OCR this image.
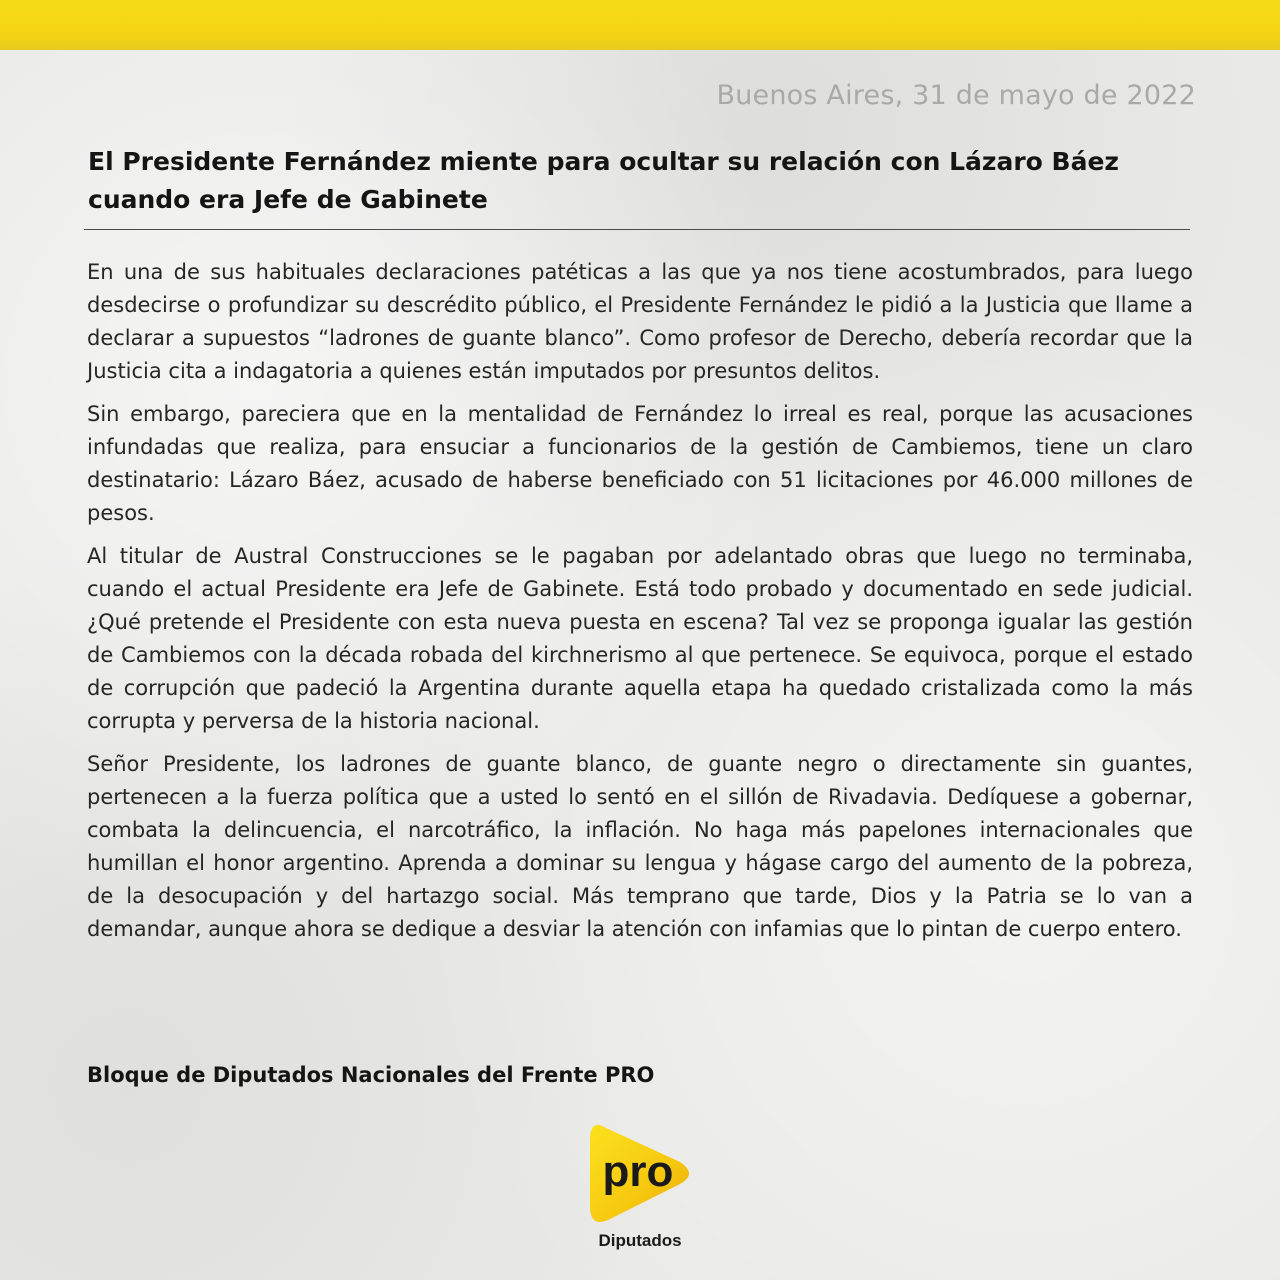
Buenos Aires, 31 de mayo de 2022
El Presidente Fernández miente para ocultar su relación con Lázaro Báez
cuando era Jefe de Gabinete

En una de sus habituales declaraciones patéticas a las que ya nos tiene acostumbrados, para luego desdecirse o profundizar su descrédito público, el Presidente Fernández le pidió a la Justicia que llame a declarar a supuestos “ladrones de guante blanco”. Como profesor de Derecho, debería recordar que la Justicia cita a indagatoria a quienes están imputados por presuntos delitos.

Sin embargo, pareciera que en la mentalidad de Fernández lo irreal es real, porque las acusaciones infundadas que realiza, para ensuciar a funcionarios de la gestión de Cambiemos, tiene un claro destinatario: Lázaro Báez, acusado de haberse beneficiado con 51 licitaciones por 46.000 millones de pesos.

Al titular de Austral Construcciones se le pagaban por adelantado obras que luego no terminaba, cuando el actual Presidente era Jefe de Gabinete. Está todo probado y documentado en sede judicial. ¿Qué pretende el Presidente con esta nueva puesta en escena? Tal vez se proponga igualar las gestión de Cambiemos con la década robada del kirchnerismo al que pertenece. Se equivoca, porque el estado de corrupción que padeció la Argentina durante aquella etapa ha quedado cristalizada como la más corrupta y perversa de la historia nacional.

Señor Presidente, los ladrones de guante blanco, de guante negro o directamente sin guantes, pertenecen a la fuerza política que a usted lo sentó en el sillón de Rivadavia. Dedíquese a gobernar, combata la delincuencia, el narcotráfico, la inflación. No haga más papelones internacionales que humillan el honor argentino. Aprenda a dominar su lengua y hágase cargo del aumento de la pobreza, de la desocupación y del hartazgo social. Más temprano que tarde, Dios y la Patria se lo van a demandar, aunque ahora se dedique a desviar la atención con infamias que lo pintan de cuerpo entero.

Bloque de Diputados Nacionales del Frente PRO
pro
Diputados
